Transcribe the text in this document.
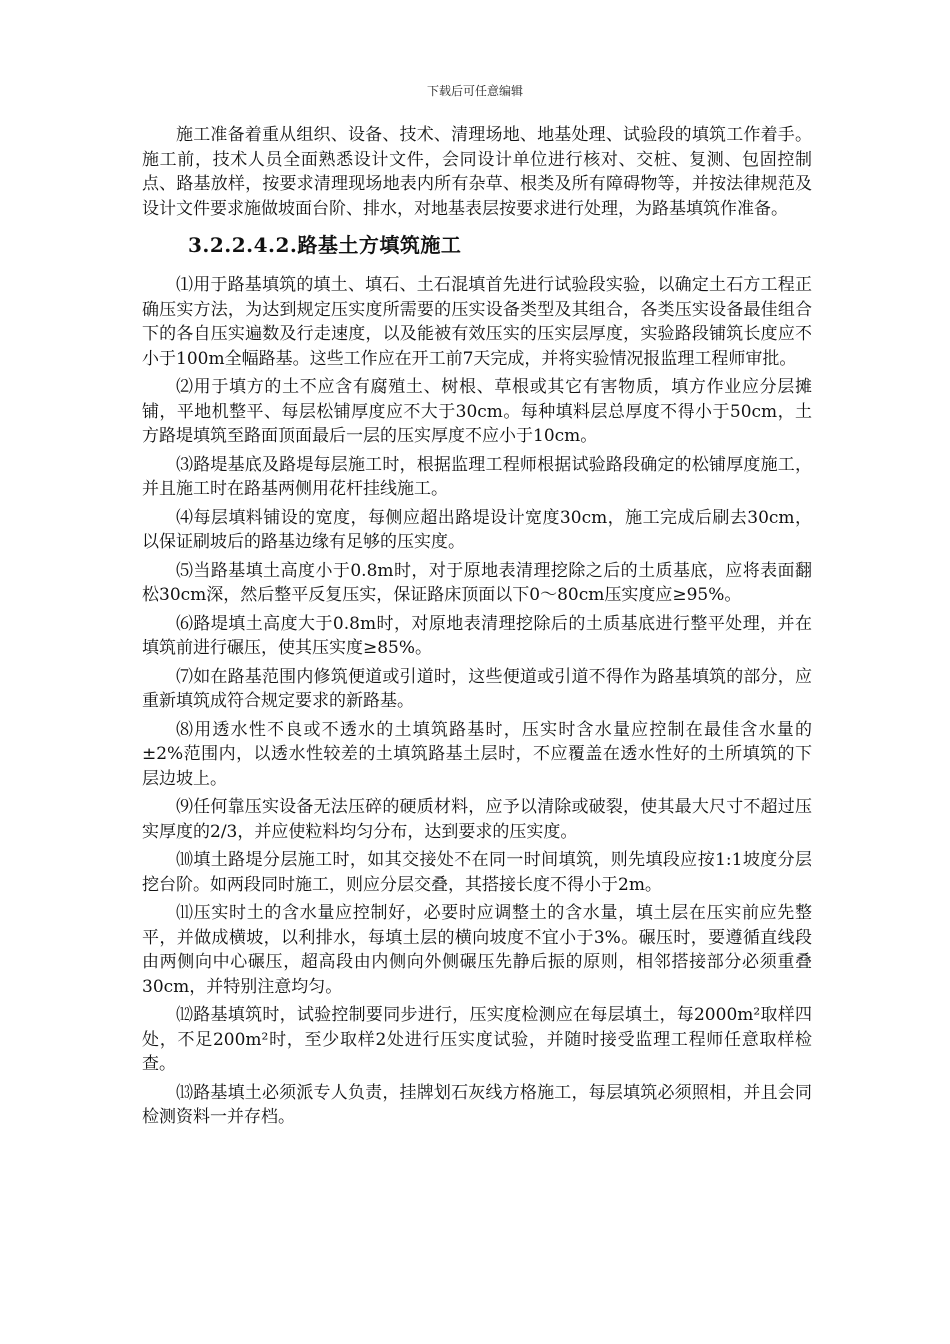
下载后可任意编辑

施工准备着重从组织、设备、技术、清理场地、地基处理、试验段的填筑工作着手。施工前，技术人员全面熟悉设计文件，会同设计单位进行核对、交桩、复测、包固控制点、路基放样，按要求清理现场地表内所有杂草、根类及所有障碍物等，并按法律规范及设计文件要求施做坡面台阶、排水，对地基表层按要求进行处理，为路基填筑作准备。

3.2.2.4.2.路基土方填筑施工

⑴用于路基填筑的填土、填石、土石混填首先进行试验段实验，以确定土石方工程正确压实方法，为达到规定压实度所需要的压实设备类型及其组合，各类压实设备最佳组合下的各自压实遍数及行走速度，以及能被有效压实的压实层厚度，实验路段铺筑长度应不小于100m全幅路基。这些工作应在开工前7天完成，并将实验情况报监理工程师审批。

⑵用于填方的土不应含有腐殖土、树根、草根或其它有害物质，填方作业应分层摊铺，平地机整平、每层松铺厚度应不大于30cm。每种填料层总厚度不得小于50cm，土方路堤填筑至路面顶面最后一层的压实厚度不应小于10cm。

⑶路堤基底及路堤每层施工时，根据监理工程师根据试验路段确定的松铺厚度施工，并且施工时在路基两侧用花杆挂线施工。

⑷每层填料铺设的宽度，每侧应超出路堤设计宽度30cm，施工完成后刷去30cm，以保证刷坡后的路基边缘有足够的压实度。

⑸当路基填土高度小于0.8m时，对于原地表清理挖除之后的土质基底，应将表面翻松30cm深，然后整平反复压实，保证路床顶面以下0～80cm压实度应≥95%。

⑹路堤填土高度大于0.8m时，对原地表清理挖除后的土质基底进行整平处理，并在填筑前进行碾压，使其压实度≥85%。

⑺如在路基范围内修筑便道或引道时，这些便道或引道不得作为路基填筑的部分，应重新填筑成符合规定要求的新路基。

⑻用透水性不良或不透水的土填筑路基时，压实时含水量应控制在最佳含水量的±2%范围内，以透水性较差的土填筑路基土层时，不应覆盖在透水性好的土所填筑的下层边坡上。

⑼任何靠压实设备无法压碎的硬质材料，应予以清除或破裂，使其最大尺寸不超过压实厚度的2/3，并应使粒料均匀分布，达到要求的压实度。

⑽填土路堤分层施工时，如其交接处不在同一时间填筑，则先填段应按1:1坡度分层挖台阶。如两段同时施工，则应分层交叠，其搭接长度不得小于2m。

⑾压实时土的含水量应控制好，必要时应调整土的含水量，填土层在压实前应先整平，并做成横坡，以利排水，每填土层的横向坡度不宜小于3%。碾压时，要遵循直线段由两侧向中心碾压，超高段由内侧向外侧碾压先静后振的原则，相邻搭接部分必须重叠30cm，并特别注意均匀。

⑿路基填筑时，试验控制要同步进行，压实度检测应在每层填土，每2000m²取样四处，不足200m²时，至少取样2处进行压实度试验，并随时接受监理工程师任意取样检查。

⒀路基填土必须派专人负责，挂牌划石灰线方格施工，每层填筑必须照相，并且会同检测资料一并存档。
